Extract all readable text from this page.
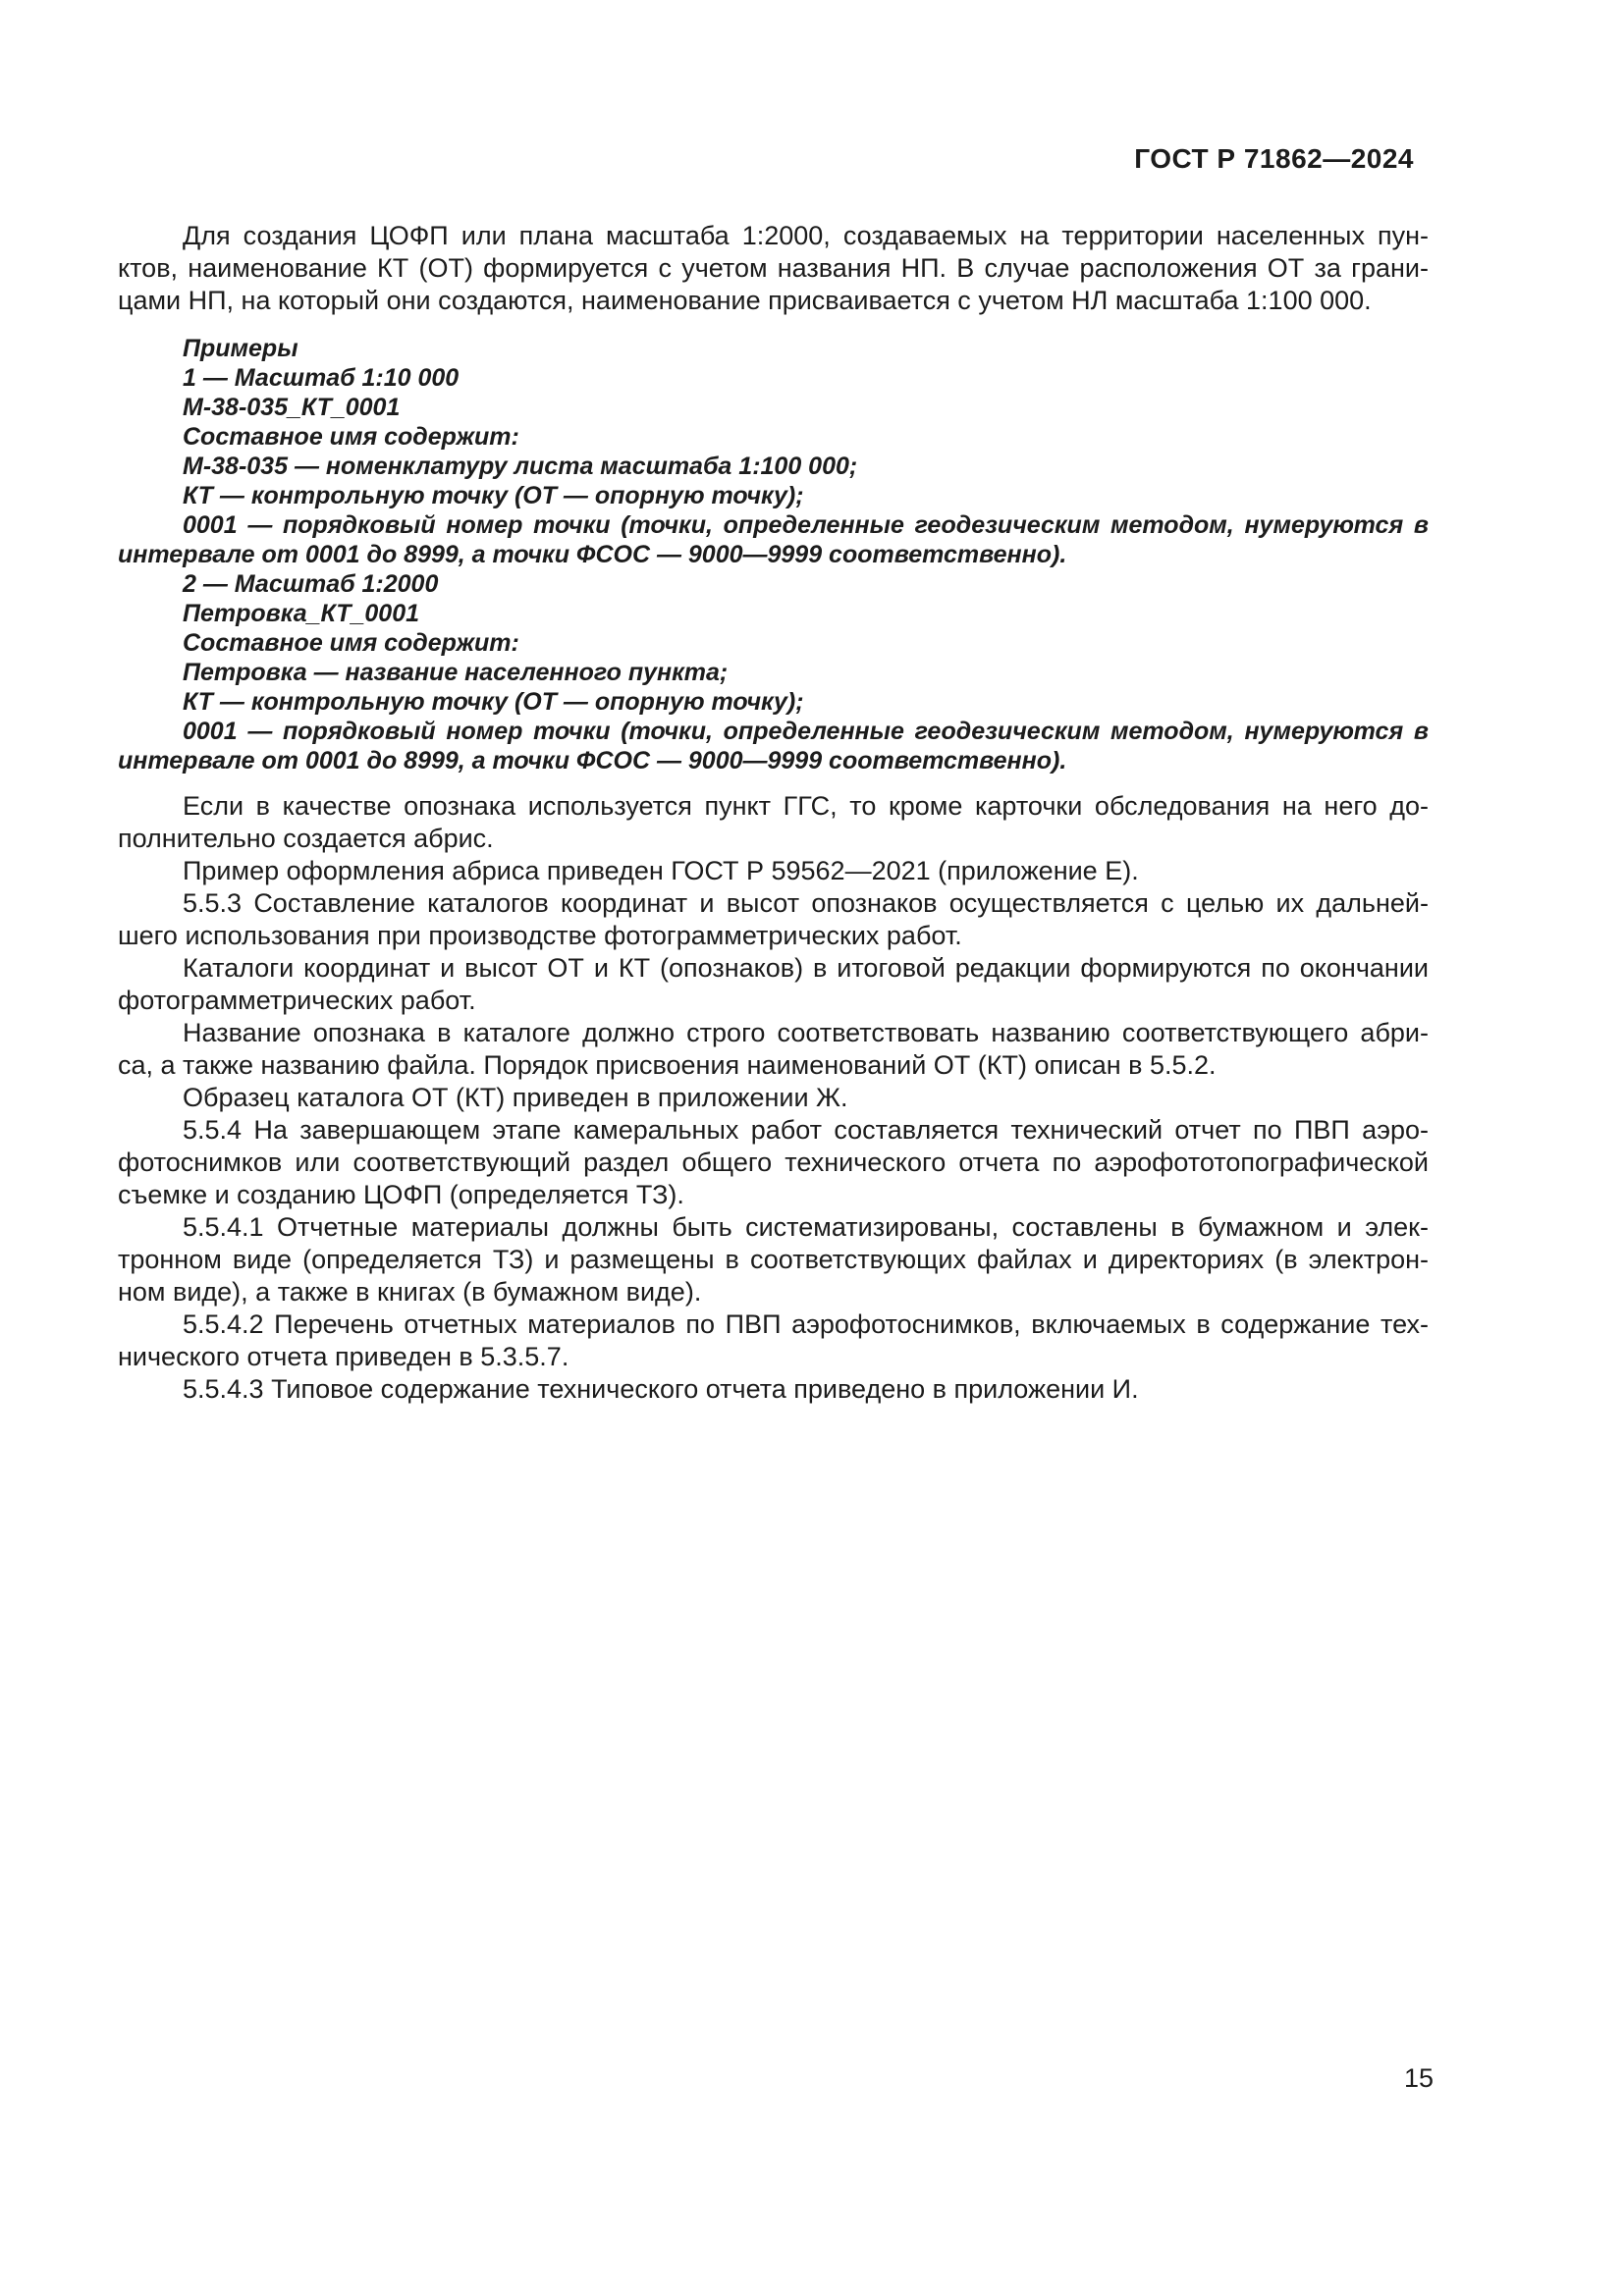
ГОСТ Р 71862—2024
Для создания ЦОФП или плана масштаба 1:2000, создаваемых на территории населенных пун-
ктов, наименование КТ (ОТ) формируется с учетом названия НП. В случае расположения ОТ за грани-
цами НП, на который они создаются, наименование присваивается с учетом НЛ масштаба 1:100 000.
Примеры
1 — Масштаб 1:10 000
М-38-035_КТ_0001
Составное имя содержит:
М-38-035 — номенклатуру листа масштаба 1:100 000;
КТ — контрольную точку (ОТ — опорную точку);
0001 — порядковый номер точки (точки, определенные геодезическим методом, нумеруются в
интервале от 0001 до 8999, а точки ФСОС — 9000—9999 соответственно).
2 — Масштаб 1:2000
Петровка_КТ_0001
Составное имя содержит:
Петровка — название населенного пункта;
КТ — контрольную точку (ОТ — опорную точку);
0001 — порядковый номер точки (точки, определенные геодезическим методом, нумеруются в
интервале от 0001 до 8999, а точки ФСОС — 9000—9999 соответственно).
Если в качестве опознака используется пункт ГГС, то кроме карточки обследования на него до-
полнительно создается абрис.
Пример оформления абриса приведен ГОСТ Р 59562—2021 (приложение Е).
5.5.3 Составление каталогов координат и высот опознаков осуществляется с целью их дальней-
шего использования при производстве фотограмметрических работ.
Каталоги координат и высот ОТ и КТ (опознаков) в итоговой редакции формируются по окончании
фотограмметрических работ.
Название опознака в каталоге должно строго соответствовать названию соответствующего абри-
са, а также названию файла. Порядок присвоения наименований ОТ (КТ) описан в 5.5.2.
Образец каталога ОТ (КТ) приведен в приложении Ж.
5.5.4 На завершающем этапе камеральных работ составляется технический отчет по ПВП аэро-
фотоснимков или соответствующий раздел общего технического отчета по аэрофототопографической
съемке и созданию ЦОФП (определяется ТЗ).
5.5.4.1 Отчетные материалы должны быть систематизированы, составлены в бумажном и элек-
тронном виде (определяется ТЗ) и размещены в соответствующих файлах и директориях (в электрон-
ном виде), а также в книгах (в бумажном виде).
5.5.4.2 Перечень отчетных материалов по ПВП аэрофотоснимков, включаемых в содержание тех-
нического отчета приведен в 5.3.5.7.
5.5.4.3 Типовое содержание технического отчета приведено в приложении И.
15
